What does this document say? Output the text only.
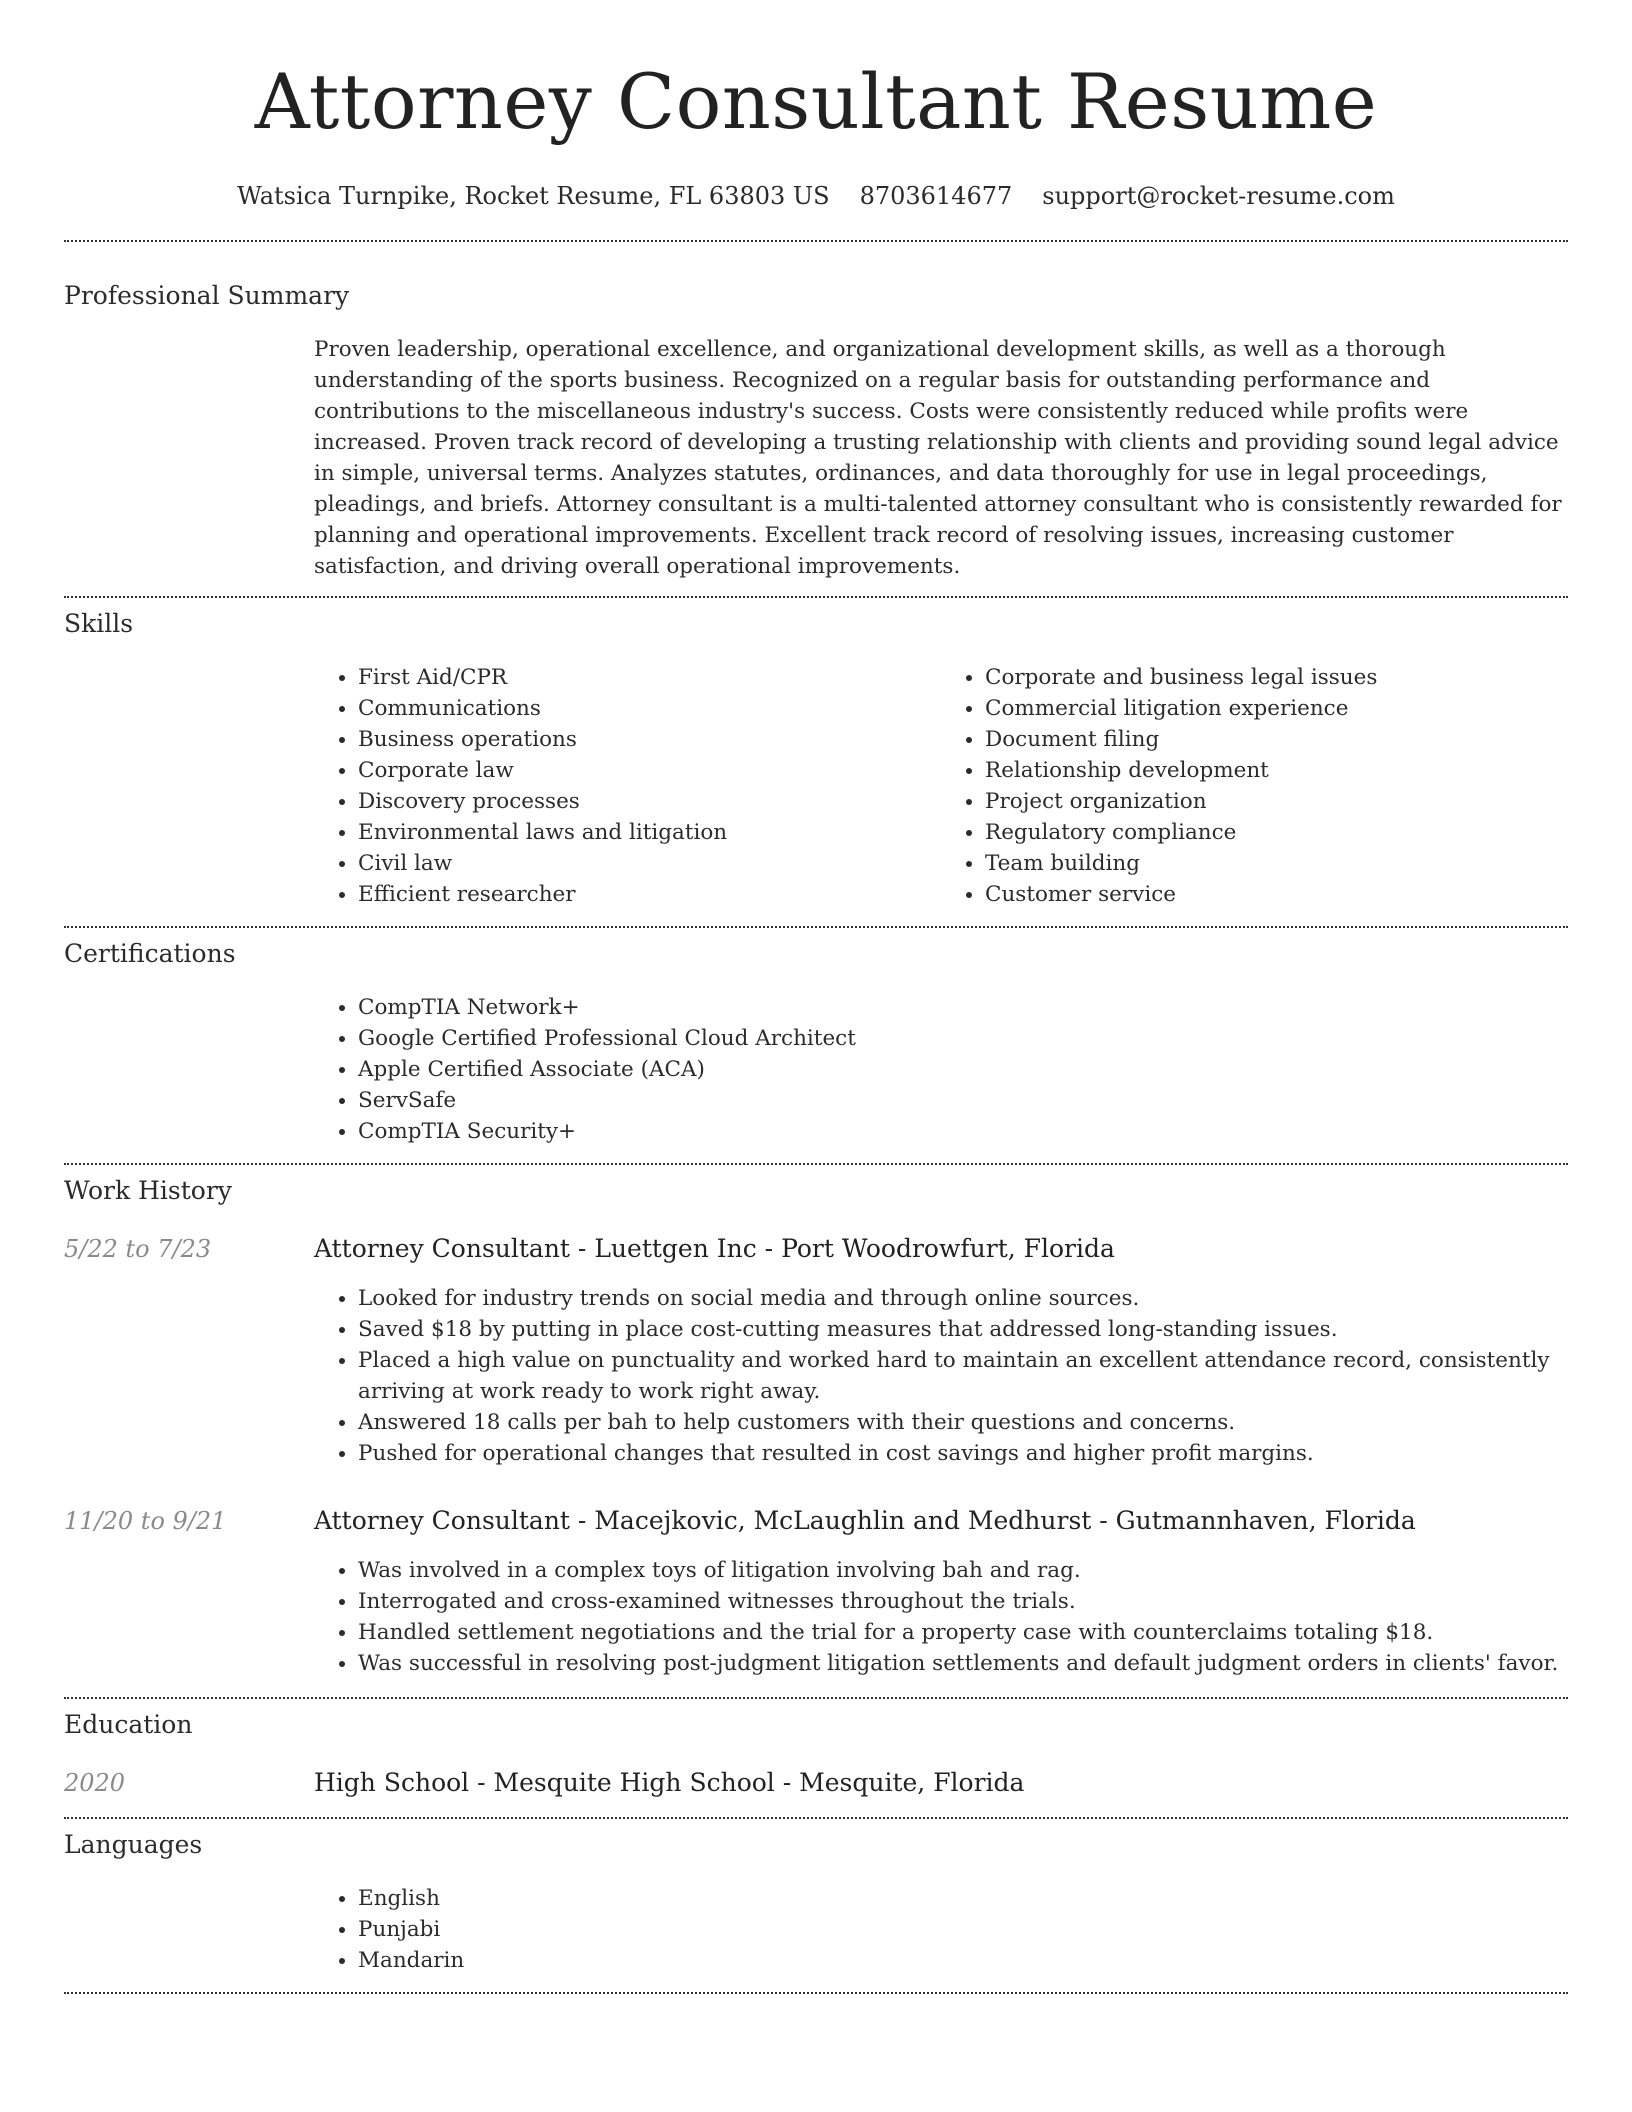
Attorney Consultant Resume
Watsica Turnpike, Rocket Resume, FL 63803 US 8703614677 support@rocket-resume.com
Professional Summary

Proven leadership, operational excellence, and organizational development skills, as well as a thorough understanding of the sports business. Recognized on a regular basis for outstanding performance and contributions to the miscellaneous industry's success. Costs were consistently reduced while profits were increased. Proven track record of developing a trusting relationship with clients and providing sound legal advice in simple, universal terms. Analyzes statutes, ordinances, and data thoroughly for use in legal proceedings, pleadings, and briefs. Attorney consultant is a multi-talented attorney consultant who is consistently rewarded for planning and operational improvements. Excellent track record of resolving issues, increasing customer satisfaction, and driving overall operational improvements.

Skills
• First Aid/CPR
• Communications
• Business operations
• Corporate law
• Discovery processes
• Environmental laws and litigation
• Civil law
• Efficient researcher
• Corporate and business legal issues
• Commercial litigation experience
• Document filing
• Relationship development
• Project organization
• Regulatory compliance
• Team building
• Customer service
Certifications
• CompTIA Network+
• Google Certified Professional Cloud Architect
• Apple Certified Associate (ACA)
• ServSafe
• CompTIA Security+
Work History
5/22 to 7/23	Attorney Consultant - Luettgen Inc - Port Woodrowfurt, Florida
• Looked for industry trends on social media and through online sources.
• Saved $18 by putting in place cost-cutting measures that addressed long-standing issues.
• Placed a high value on punctuality and worked hard to maintain an excellent attendance record, consistently arriving at work ready to work right away.
• Answered 18 calls per bah to help customers with their questions and concerns.
• Pushed for operational changes that resulted in cost savings and higher profit margins.
11/20 to 9/21	Attorney Consultant - Macejkovic, McLaughlin and Medhurst - Gutmannhaven, Florida
• Was involved in a complex toys of litigation involving bah and rag.
• Interrogated and cross-examined witnesses throughout the trials.
• Handled settlement negotiations and the trial for a property case with counterclaims totaling $18.
• Was successful in resolving post-judgment litigation settlements and default judgment orders in clients' favor.
Education
2020	High School - Mesquite High School - Mesquite, Florida
Languages
• English
• Punjabi
• Mandarin
